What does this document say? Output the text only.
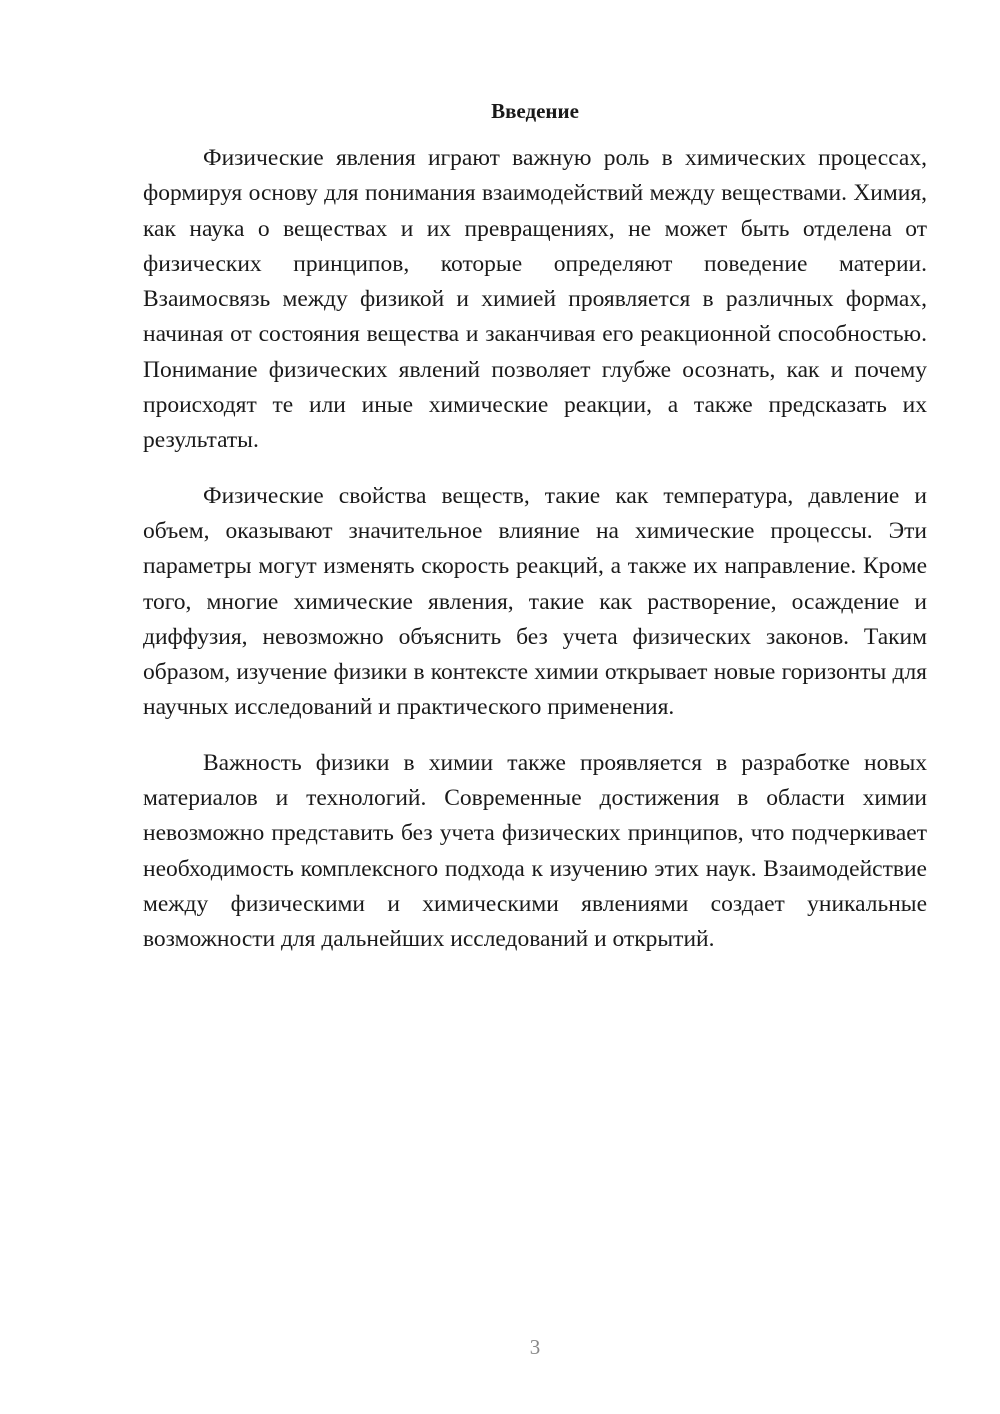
Введение

Физические явления играют важную роль в химических процессах, формируя основу для понимания взаимодействий между веществами. Химия, как наука о веществах и их превращениях, не может быть отделена от физических принципов, которые определяют поведение материи. Взаимосвязь между физикой и химией проявляется в различных формах, начиная от состояния вещества и заканчивая его реакционной способностью. Понимание физических явлений позволяет глубже осознать, как и почему происходят те или иные химические реакции, а также предсказать их результаты.

Физические свойства веществ, такие как температура, давление и объем, оказывают значительное влияние на химические процессы. Эти параметры могут изменять скорость реакций, а также их направление. Кроме того, многие химические явления, такие как растворение, осаждение и диффузия, невозможно объяснить без учета физических законов. Таким образом, изучение физики в контексте химии открывает новые горизонты для научных исследований и практического применения.

Важность физики в химии также проявляется в разработке новых материалов и технологий. Современные достижения в области химии невозможно представить без учета физических принципов, что подчеркивает необходимость комплексного подхода к изучению этих наук. Взаимодействие между физическими и химическими явлениями создает уникальные возможности для дальнейших исследований и открытий.

3
